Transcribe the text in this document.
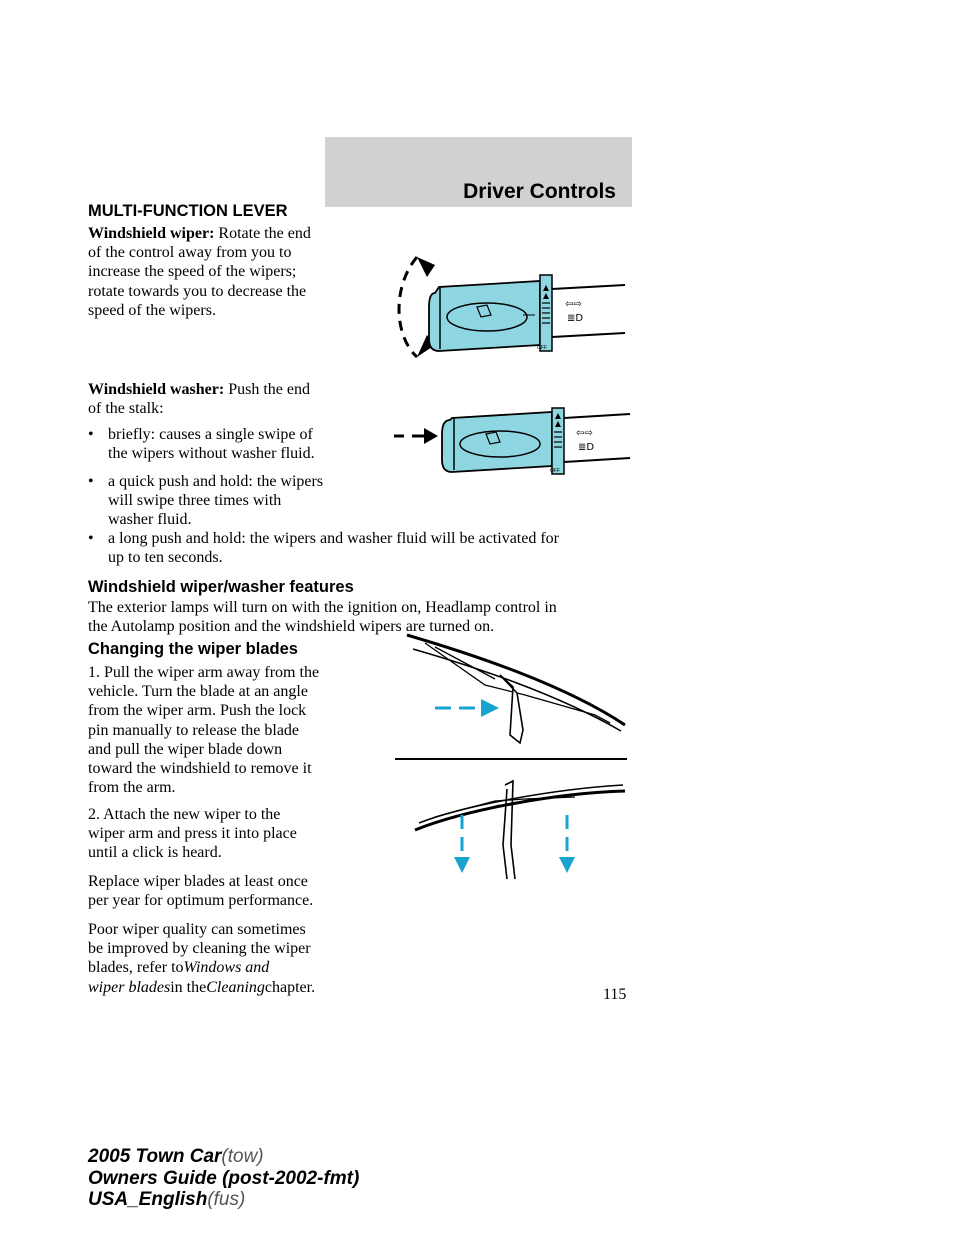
Driver Controls
MULTI-FUNCTION LEVER
Windshield wiper: Rotate the end
of the control away from you to
increase the speed of the wipers;
rotate towards you to decrease the
speed of the wipers.
Windshield washer: Push the end
of the stalk:
• briefly: causes a single swipe of
the wipers without washer fluid.
• a quick push and hold: the wipers
will swipe three times with
washer fluid.
• a long push and hold: the wipers and washer fluid will be activated for
up to ten seconds.
Windshield wiper/washer features
The exterior lamps will turn on with the ignition on, Headlamp control in
the Autolamp position and the windshield wipers are turned on.
Changing the wiper blades
1. Pull the wiper arm away from the
vehicle. Turn the blade at an angle
from the wiper arm. Push the lock
pin manually to release the blade
and pull the wiper blade down
toward the windshield to remove it
from the arm.
2. Attach the new wiper to the
wiper arm and press it into place
until a click is heard.
Replace wiper blades at least once
per year for optimum performance.
Poor wiper quality can sometimes
be improved by cleaning the wiper
blades, refer toWindows and
wiper bladesin theCleaningchapter.
OFF
⇦⇨
≣D
OFF
⇦⇨
≣D
115
2005 Town Car(tow)
Owners Guide (post-2002-fmt)
USA_English(fus)
